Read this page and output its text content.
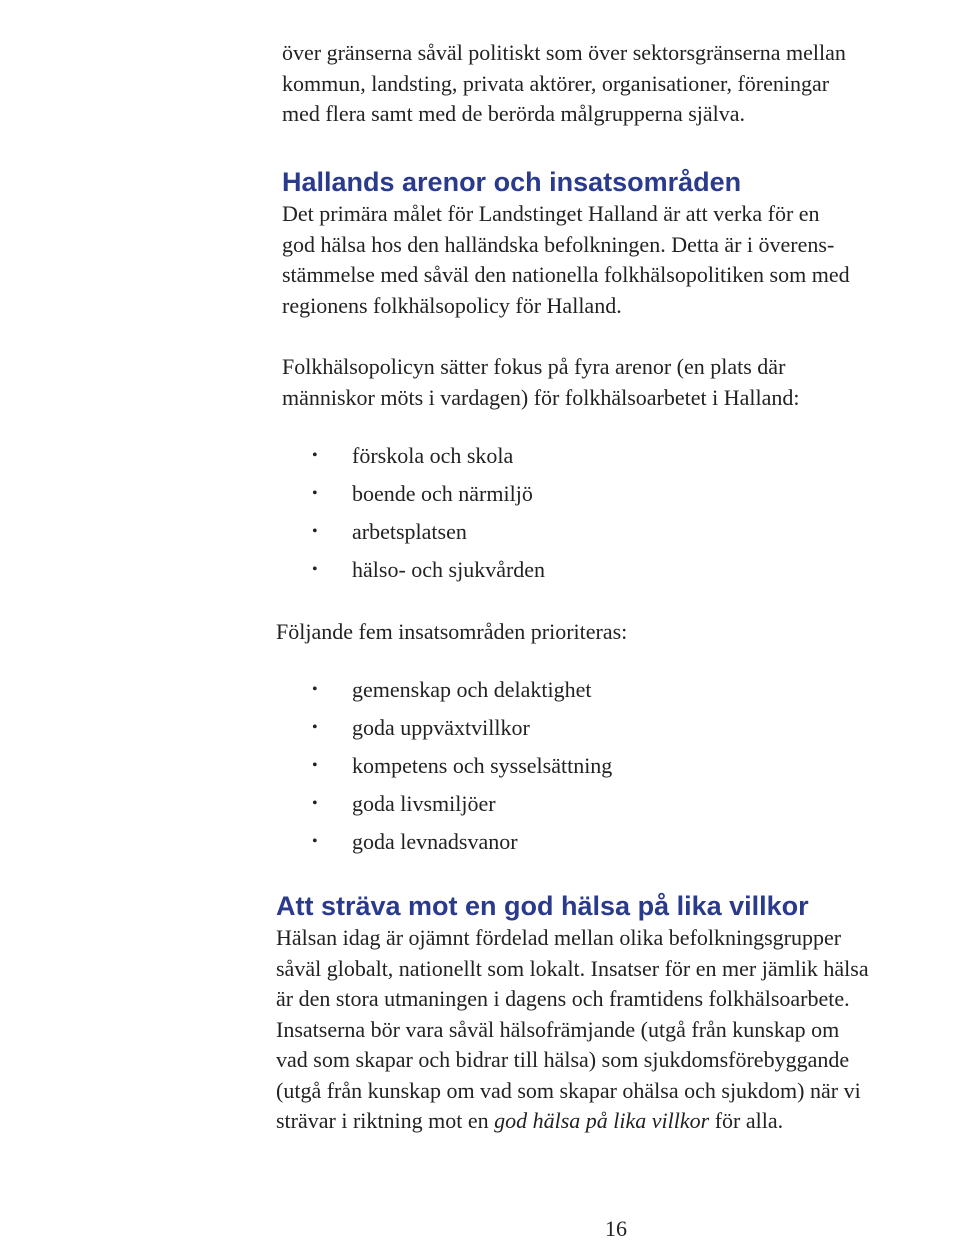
över gränserna såväl politiskt som över sektorsgränserna mellan
kommun, landsting, privata aktörer, organisationer, föreningar
med flera samt med de berörda målgrupperna själva.

Hallands arenor och insatsområden

Det primära målet för Landstinget Halland är att verka för en
god hälsa hos den halländska befolkningen. Detta är i överens-
stämmelse med såväl den nationella folkhälsopolitiken som med
regionens folkhälsopolicy för Halland.

Folkhälsopolicyn sätter fokus på fyra arenor (en plats där
människor möts i vardagen) för folkhälsoarbetet i Halland:

• förskola och skola
• boende och närmiljö
• arbetsplatsen
• hälso- och sjukvården

Följande fem insatsområden prioriteras:

• gemenskap och delaktighet
• goda uppväxtvillkor
• kompetens och sysselsättning
• goda livsmiljöer
• goda levnadsvanor
Att sträva mot en god hälsa på lika villkor

Hälsan idag är ojämnt fördelad mellan olika befolkningsgrupper
såväl globalt, nationellt som lokalt. Insatser för en mer jämlik hälsa
är den stora utmaningen i dagens och framtidens folkhälsoarbete.
Insatserna bör vara såväl hälsofrämjande (utgå från kunskap om
vad som skapar och bidrar till hälsa) som sjukdomsförebyggande
(utgå från kunskap om vad som skapar ohälsa och sjukdom) när vi
strävar i riktning mot en god hälsa på lika villkor för alla.

16
